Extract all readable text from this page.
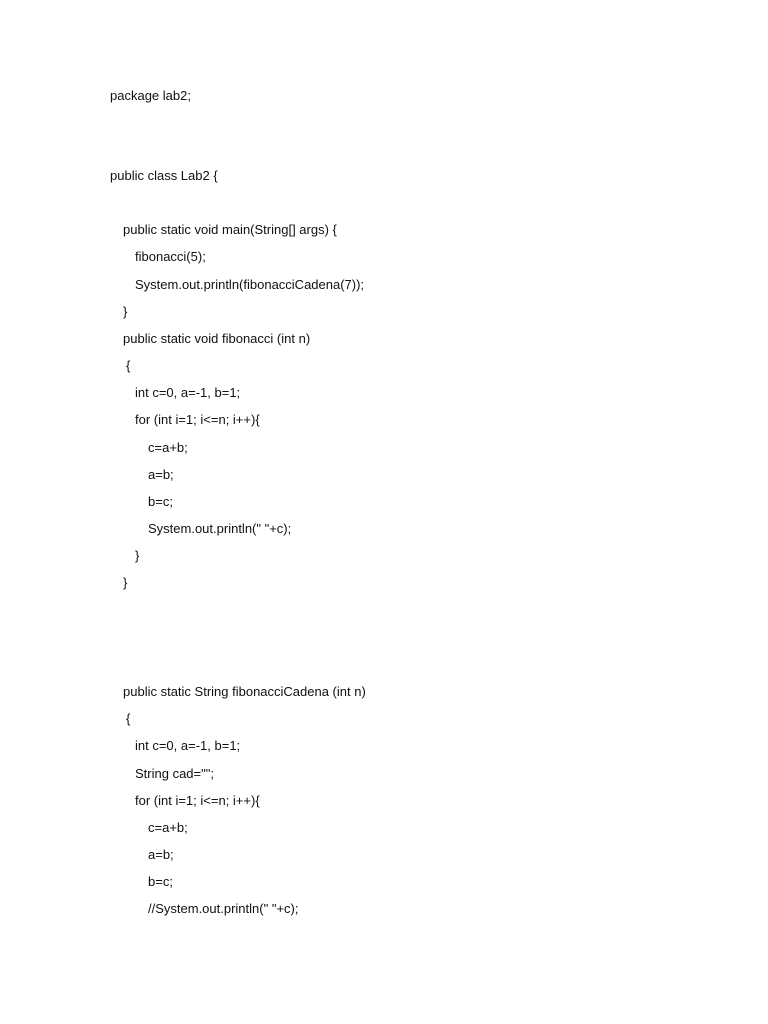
package lab2;
public class Lab2 {
public static void main(String[] args) {
fibonacci(5);
System.out.println(fibonacciCadena(7));
}
public static void fibonacci (int n)
{
int c=0, a=-1, b=1;
for (int i=1; i<=n; i++){
c=a+b;
a=b;
b=c;
System.out.println(" "+c);
}
}
public static String fibonacciCadena (int n)
{
int c=0, a=-1, b=1;
String cad="";
for (int i=1; i<=n; i++){
c=a+b;
a=b;
b=c;
//System.out.println(" "+c);
